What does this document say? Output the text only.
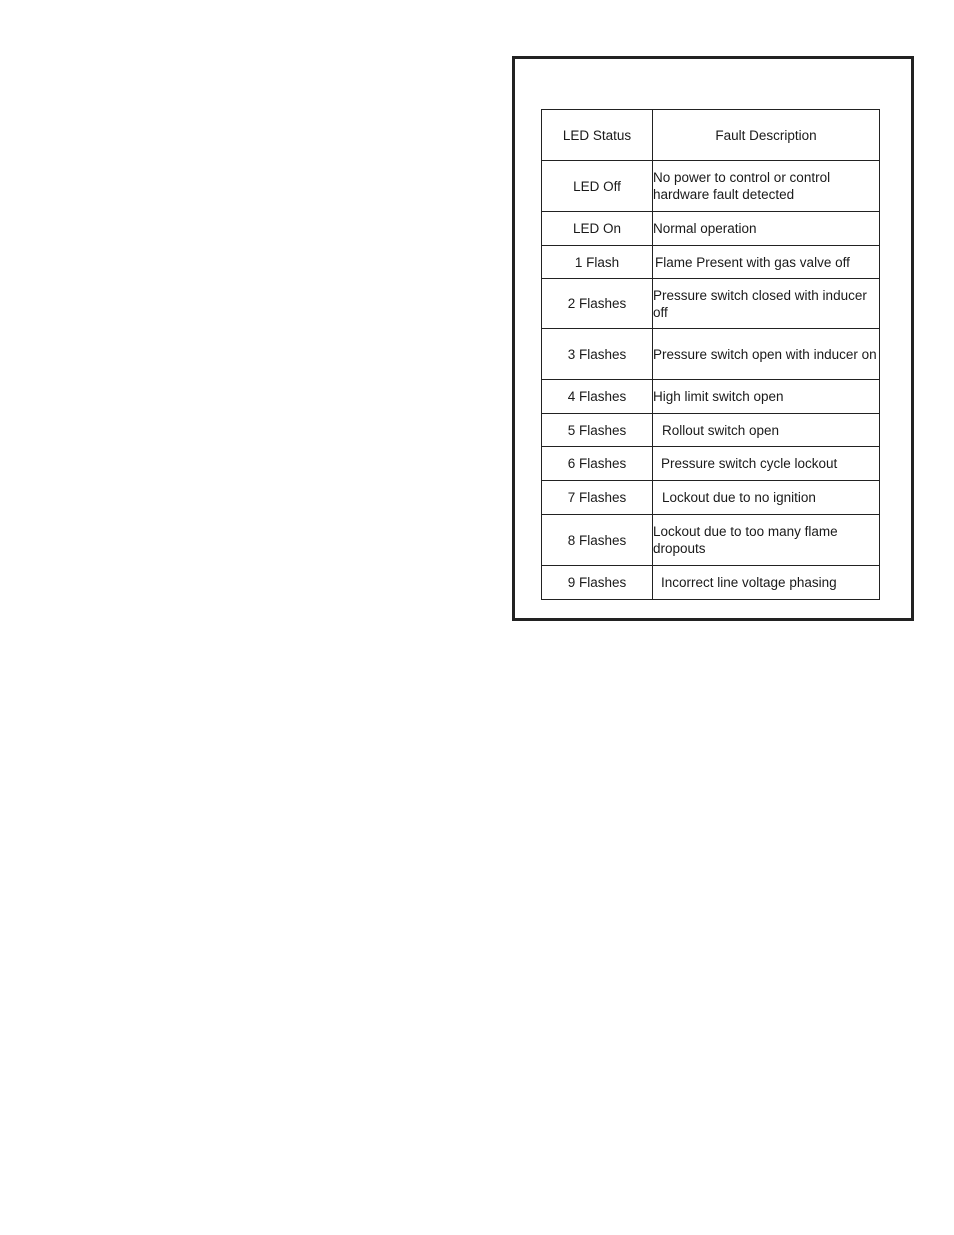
LED Status	Fault Description
LED Off	No power to control or control hardware fault detected
LED On	Normal operation
1 Flash	Flame Present with gas valve off
2 Flashes	Pressure switch closed with inducer off
3 Flashes	Pressure switch open with inducer on
4 Flashes	High limit switch open
5 Flashes	Rollout switch open
6 Flashes	Pressure switch cycle lockout
7 Flashes	Lockout due to no ignition
8 Flashes	Lockout due to too many flame dropouts
9 Flashes	Incorrect line voltage phasing
